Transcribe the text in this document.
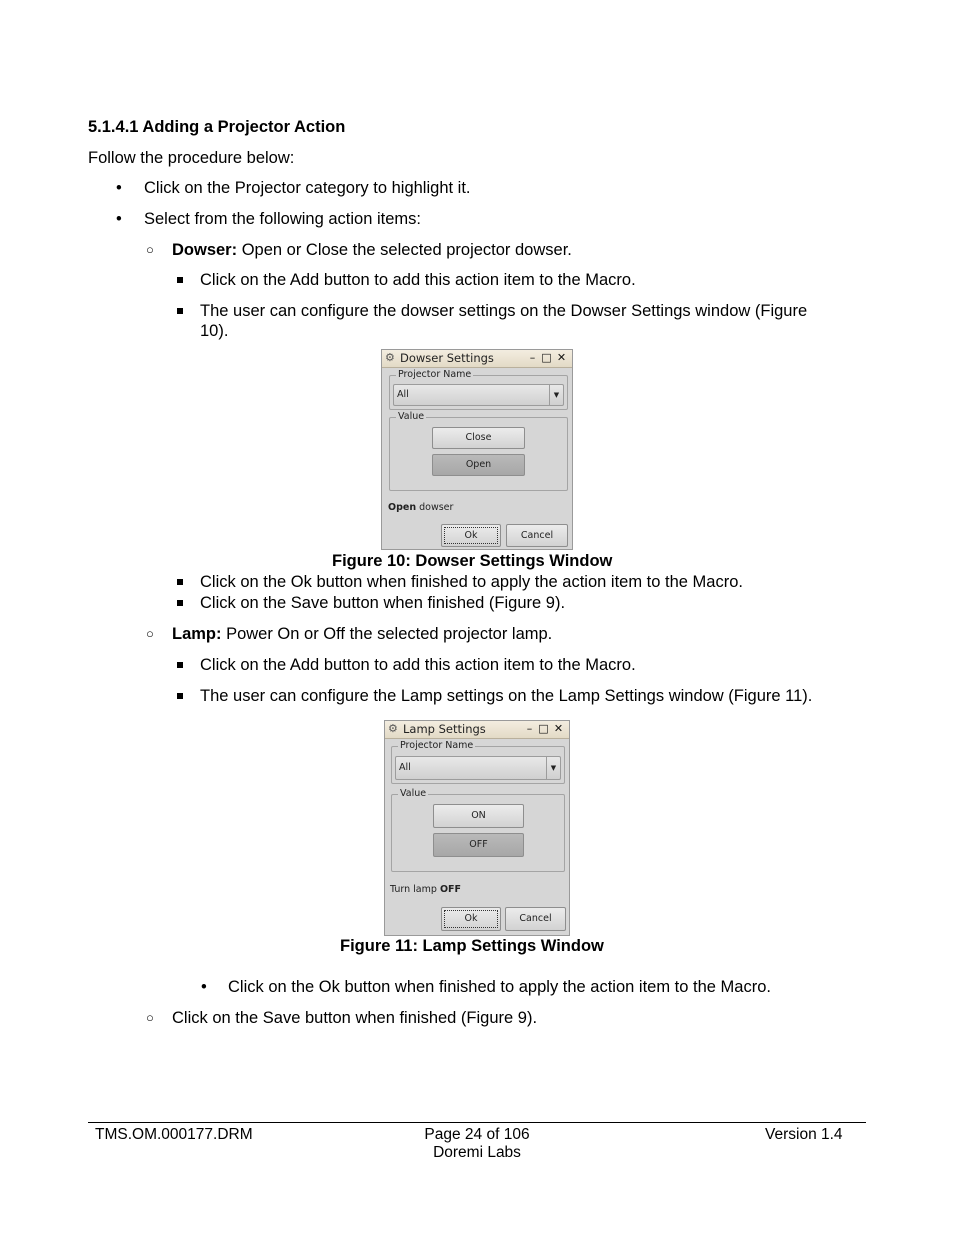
5.1.4.1 Adding a Projector Action
Follow the procedure below:
• Click on the Projector category to highlight it.
• Select from the following action items:
○ Dowser: Open or Close the selected projector dowser.
Click on the Add button to add this action item to the Macro.
The user can configure the dowser settings on the Dowser Settings window (Figure
10).
⚙ Dowser Settings	– □ ✕
Projector Name
All	▼
Value
Close
Open
Open dowser
Ok	Cancel
Figure 10: Dowser Settings Window
Click on the Ok button when finished to apply the action item to the Macro.
Click on the Save button when finished (Figure 9).
○ Lamp: Power On or Off the selected projector lamp.
Click on the Add button to add this action item to the Macro.
The user can configure the Lamp settings on the Lamp Settings window (Figure 11).
⚙ Lamp Settings	– □ ✕
Projector Name
All	▼
Value
ON
OFF
Turn lamp OFF
Ok	Cancel
Figure 11: Lamp Settings Window
• Click on the Ok button when finished to apply the action item to the Macro.
○ Click on the Save button when finished (Figure 9).
TMS.OM.000177.DRM	Page 24 of 106
Doremi Labs
Version 1.4
